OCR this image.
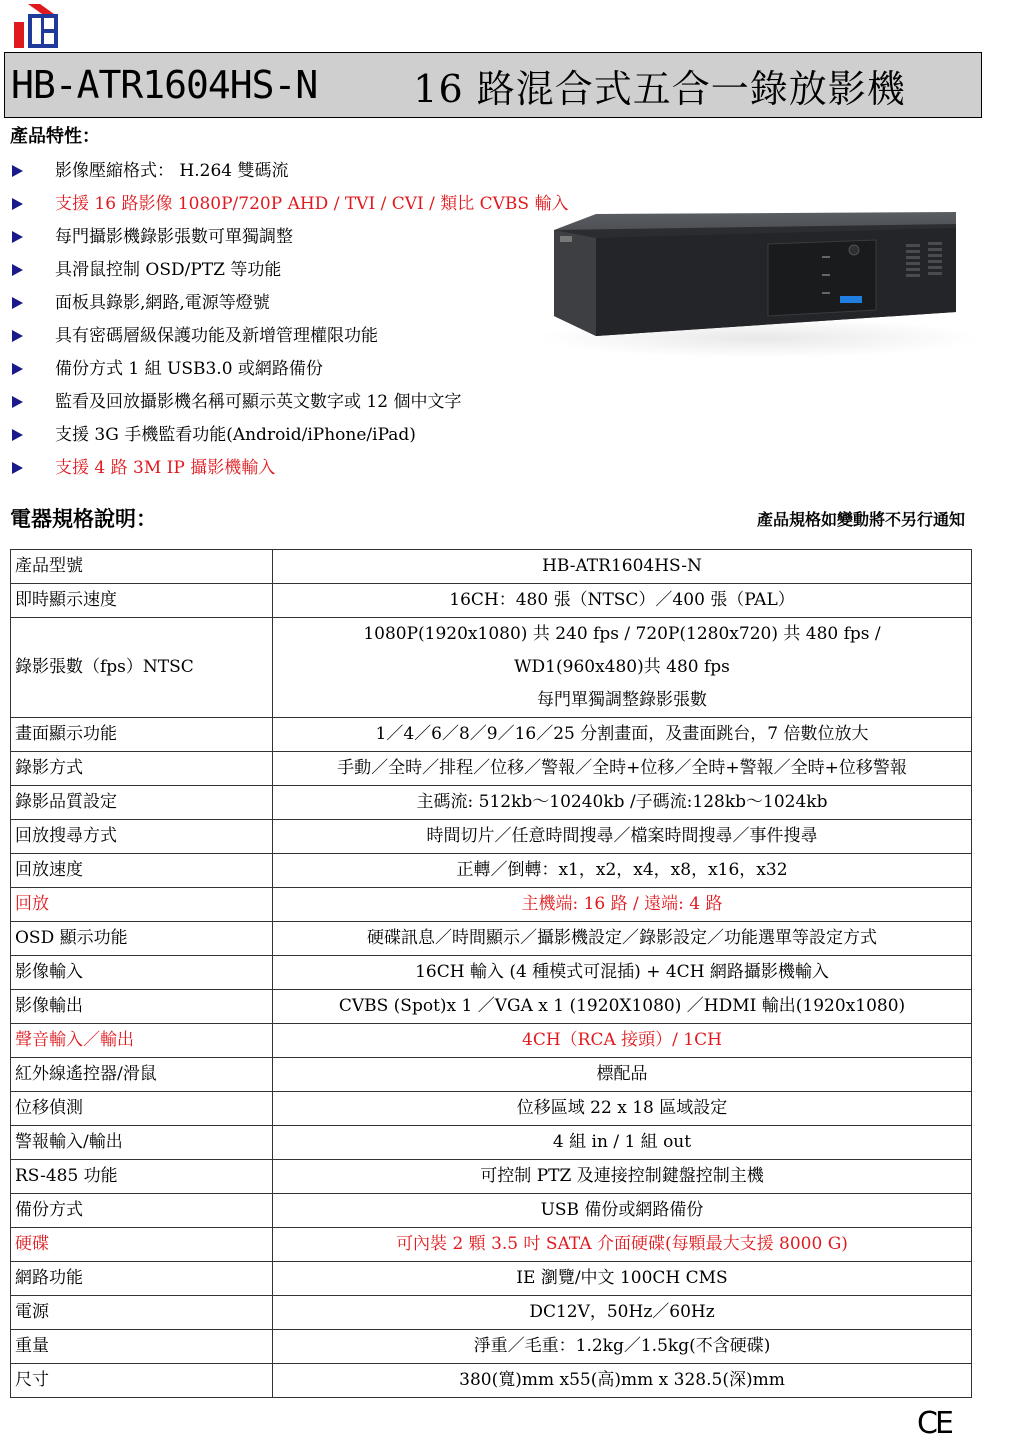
HB-ATR1604HS-N	16 路混合式五合一錄放影機
產品特性：
影像壓縮格式： H.264 雙碼流
支援 16 路影像 1080P/720P AHD / TVI / CVI / 類比 CVBS 輸入
每門攝影機錄影張數可單獨調整
具滑鼠控制 OSD/PTZ 等功能
面板具錄影,網路,電源等燈號
具有密碼層級保護功能及新增管理權限功能
備份方式 1 組 USB3.0 或網路備份
監看及回放攝影機名稱可顯示英文數字或 12 個中文字
支援 3G 手機監看功能(Android/iPhone/iPad)
支援 4 路 3M IP 攝影機輸入
電器規格說明：	產品規格如變動將不另行通知
產品型號	HB-ATR1604HS-N

即時顯示速度	16CH：480 張（NTSC）／400 張（PAL）

錄影張數（fps）NTSC	1080P(1920x1080) 共 240 fps / 720P(1280x720) 共 480 fps /
WD1(960x480)共 480 fps
每門單獨調整錄影張數

畫面顯示功能	1／4／6／8／9／16／25 分割畫面，及畫面跳台，7 倍數位放大

錄影方式	手動／全時／排程／位移／警報／全時+位移／全時+警報／全時+位移警報

錄影品質設定	主碼流: 512kb～10240kb /子碼流:128kb～1024kb

回放搜尋方式	時間切片／任意時間搜尋／檔案時間搜尋／事件搜尋

回放速度	正轉／倒轉：x1，x2，x4，x8，x16，x32

回放	主機端: 16 路 / 遠端: 4 路

OSD 顯示功能	硬碟訊息／時間顯示／攝影機設定／錄影設定／功能選單等設定方式

影像輸入	16CH 輸入 (4 種模式可混插) + 4CH 網路攝影機輸入

影像輸出	CVBS (Spot)x 1 ／VGA x 1 (1920X1080) ／HDMI 輸出(1920x1080)

聲音輸入／輸出	4CH（RCA 接頭）/ 1CH

紅外線遙控器/滑鼠	標配品

位移偵測	位移區域 22 x 18 區域設定

警報輸入/輸出	4 組 in / 1 組 out

RS-485 功能	可控制 PTZ 及連接控制鍵盤控制主機

備份方式	USB 備份或網路備份

硬碟	可內裝 2 顆 3.5 吋 SATA 介面硬碟(每顆最大支援 8000 G)

網路功能	IE 瀏覽/中文 100CH CMS

電源	DC12V，50Hz／60Hz

重量	淨重／毛重：1.2kg／1.5kg(不含硬碟)

尺寸	380(寬)mm x55(高)mm x 328.5(深)mm
CE
